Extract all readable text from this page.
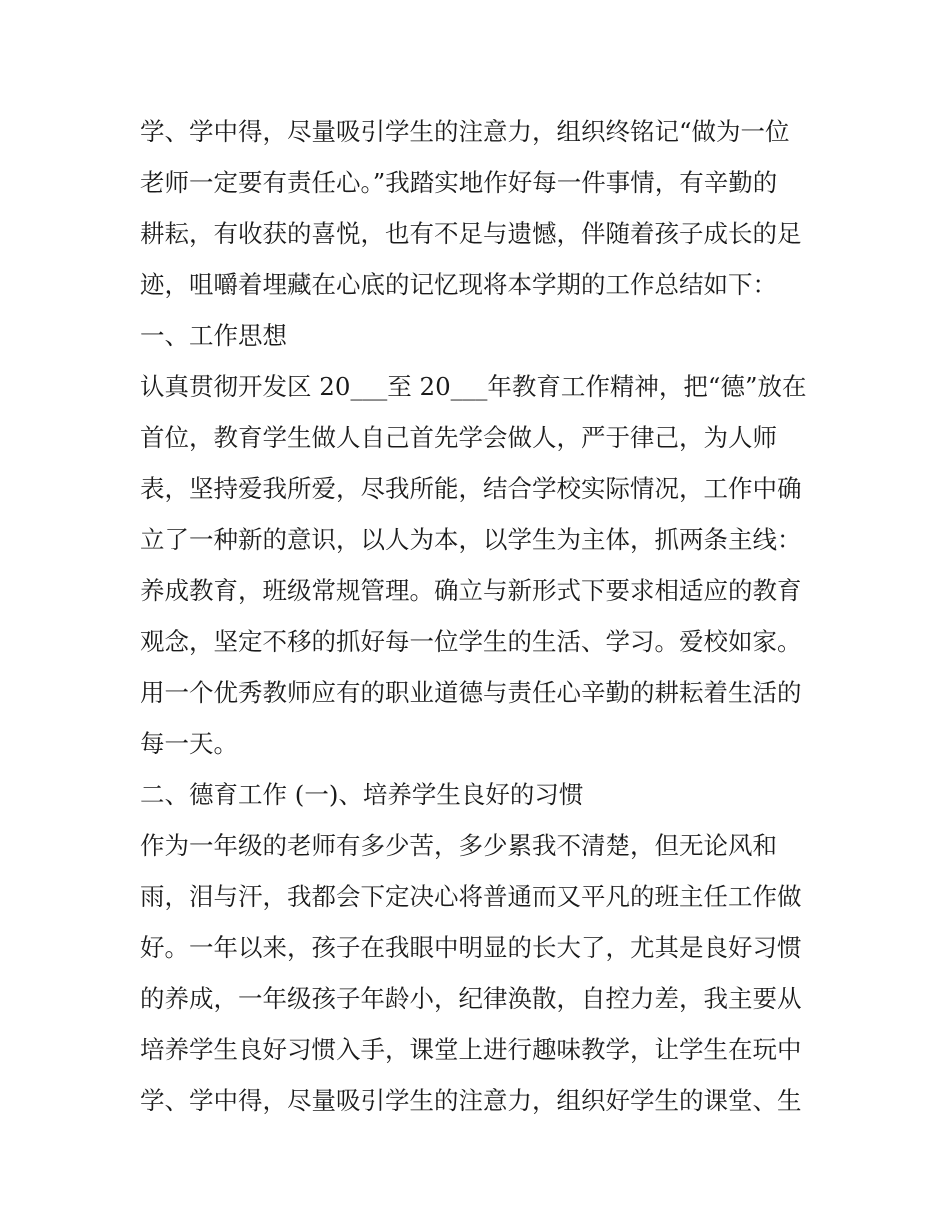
学、学中得，尽量吸引学生的注意力，组织终铭记“做为一位

老师一定要有责任心。”我踏实地作好每一件事情，有辛勤的

耕耘，有收获的喜悦，也有不足与遗憾，伴随着孩子成长的足

迹，咀嚼着埋藏在心底的记忆现将本学期的工作总结如下：

一、工作思想

认真贯彻开发区 20___至 20___年教育工作精神，把“德”放在

首位，教育学生做人自己首先学会做人，严于律己，为人师

表，坚持爱我所爱，尽我所能，结合学校实际情况，工作中确

立了一种新的意识，以人为本，以学生为主体，抓两条主线：

养成教育，班级常规管理。确立与新形式下要求相适应的教育

观念，坚定不移的抓好每一位学生的生活、学习。爱校如家。

用一个优秀教师应有的职业道德与责任心辛勤的耕耘着生活的

每一天。

二、德育工作 (一)、培养学生良好的习惯

作为一年级的老师有多少苦，多少累我不清楚，但无论风和

雨，泪与汗，我都会下定决心将普通而又平凡的班主任工作做

好。一年以来，孩子在我眼中明显的长大了，尤其是良好习惯

的养成，一年级孩子年龄小，纪律涣散，自控力差，我主要从

培养学生良好习惯入手，课堂上进行趣味教学，让学生在玩中

学、学中得，尽量吸引学生的注意力，组织好学生的课堂、生
